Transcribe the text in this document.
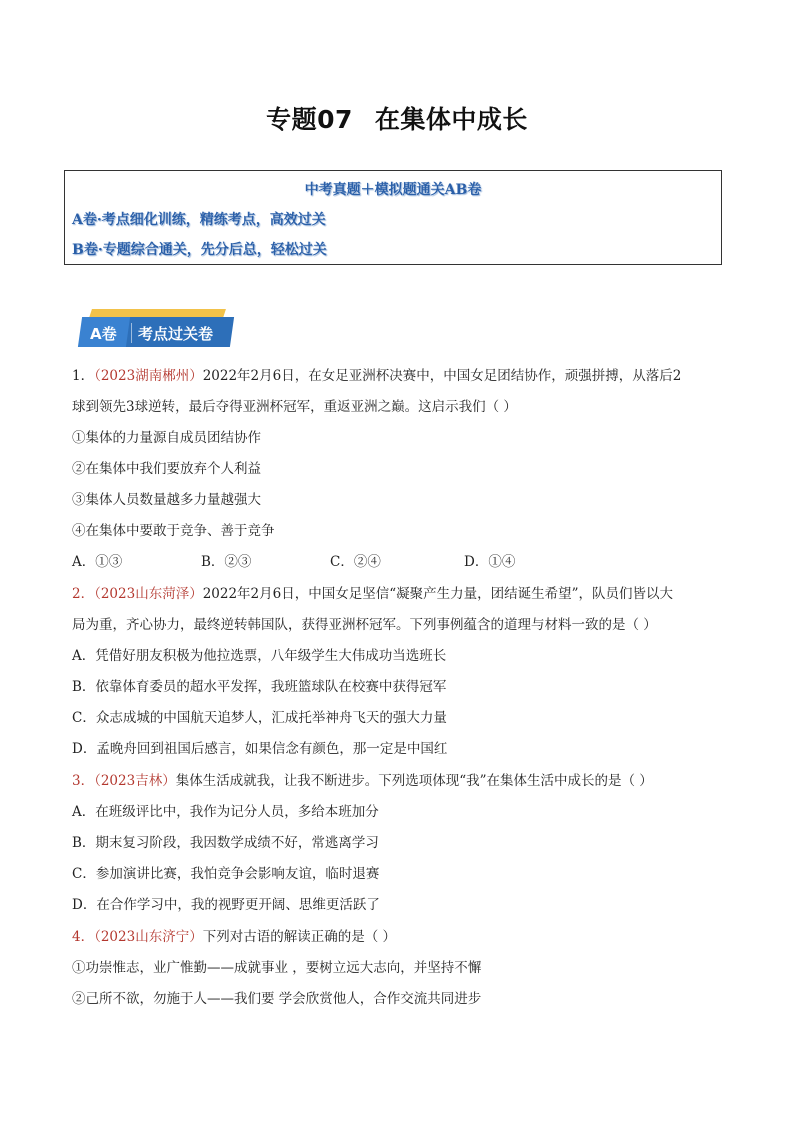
专题07 在集体中成长
中考真题＋模拟题通关AB卷
A卷·考点细化训练，精练考点，高效过关
B卷·专题综合通关，先分后总，轻松过关
A卷 考点过关卷
1．（2023湖南郴州）2022年2月6日，在女足亚洲杯决赛中，中国女足团结协作，顽强拼搏，从落后2
球到领先3球逆转，最后夺得亚洲杯冠军，重返亚洲之巅。这启示我们（ ）
①集体的力量源自成员团结协作
②在集体中我们要放弃个人利益
③集体人员数量越多力量越强大
④在集体中要敢于竞争、善于竞争
A．①③	B．②③	C．②④	D．①④
2．（2023山东菏泽）2022年2月6日，中国女足坚信“凝聚产生力量，团结诞生希望”，队员们皆以大
局为重，齐心协力，最终逆转韩国队，获得亚洲杯冠军。下列事例蕴含的道理与材料一致的是（ ）
A．凭借好朋友积极为他拉选票，八年级学生大伟成功当选班长
B．依靠体育委员的超水平发挥，我班篮球队在校赛中获得冠军
C．众志成城的中国航天追梦人，汇成托举神舟飞天的强大力量
D．孟晚舟回到祖国后感言，如果信念有颜色，那一定是中国红
3．（2023吉林）集体生活成就我，让我不断进步。下列选项体现“我”在集体生活中成长的是（ ）
A．在班级评比中，我作为记分人员，多给本班加分
B．期末复习阶段，我因数学成绩不好，常逃离学习
C．参加演讲比赛，我怕竞争会影响友谊，临时退赛
D．在合作学习中，我的视野更开阔、思维更活跃了
4．（2023山东济宁）下列对古语的解读正确的是（ ）
①功崇惟志，业广惟勤——成就事业 ，要树立远大志向，并坚持不懈
②己所不欲，勿施于人——我们要 学会欣赏他人，合作交流共同进步
